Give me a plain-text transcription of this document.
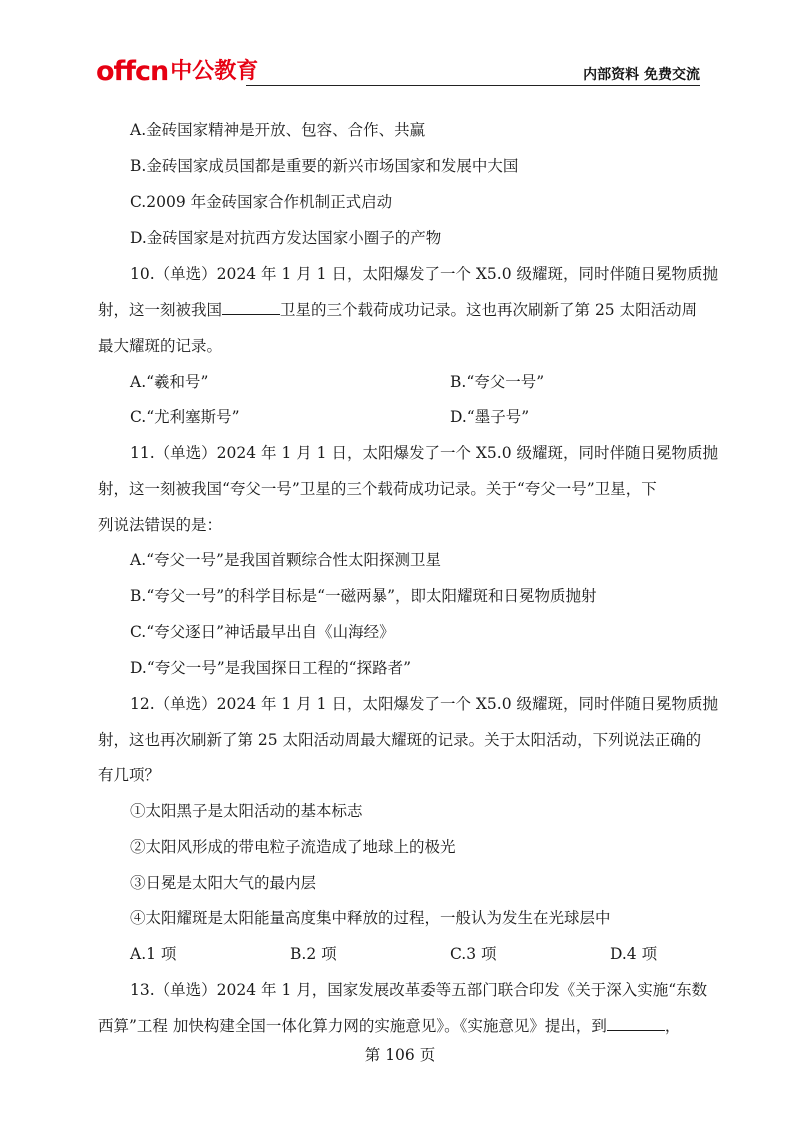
offcn 中公教育	内部资料 免费交流
A.金砖国家精神是开放、包容、合作、共赢
B.金砖国家成员国都是重要的新兴市场国家和发展中大国
C.2009 年金砖国家合作机制正式启动
D.金砖国家是对抗西方发达国家小圈子的产物
10.（单选）2024 年 1 月 1 日，太阳爆发了一个 X5.0 级耀斑，同时伴随日冕物质抛
射，这一刻被我国	卫星的三个载荷成功记录。这也再次刷新了第 25 太阳活动周
最大耀斑的记录。
A.“羲和号”	B.“夸父一号”
C.“尤利塞斯号”	D.“墨子号”
11.（单选）2024 年 1 月 1 日，太阳爆发了一个 X5.0 级耀斑，同时伴随日冕物质抛
射，这一刻被我国“夸父一号”卫星的三个载荷成功记录。关于“夸父一号”卫星，下
列说法错误的是：
A.“夸父一号”是我国首颗综合性太阳探测卫星
B.“夸父一号”的科学目标是“一磁两暴”，即太阳耀斑和日冕物质抛射
C.“夸父逐日”神话最早出自《山海经》
D.“夸父一号”是我国探日工程的“探路者”
12.（单选）2024 年 1 月 1 日，太阳爆发了一个 X5.0 级耀斑，同时伴随日冕物质抛
射，这也再次刷新了第 25 太阳活动周最大耀斑的记录。关于太阳活动，下列说法正确的
有几项？
①太阳黑子是太阳活动的基本标志
②太阳风形成的带电粒子流造成了地球上的极光
③日冕是太阳大气的最内层
④太阳耀斑是太阳能量高度集中释放的过程，一般认为发生在光球层中
A.1 项	B.2 项	C.3 项	D.4 项
13.（单选）2024 年 1 月，国家发展改革委等五部门联合印发《关于深入实施“东数
西算”工程 加快构建全国一体化算力网的实施意见》。《实施意见》提出，到	，
第 106 页
